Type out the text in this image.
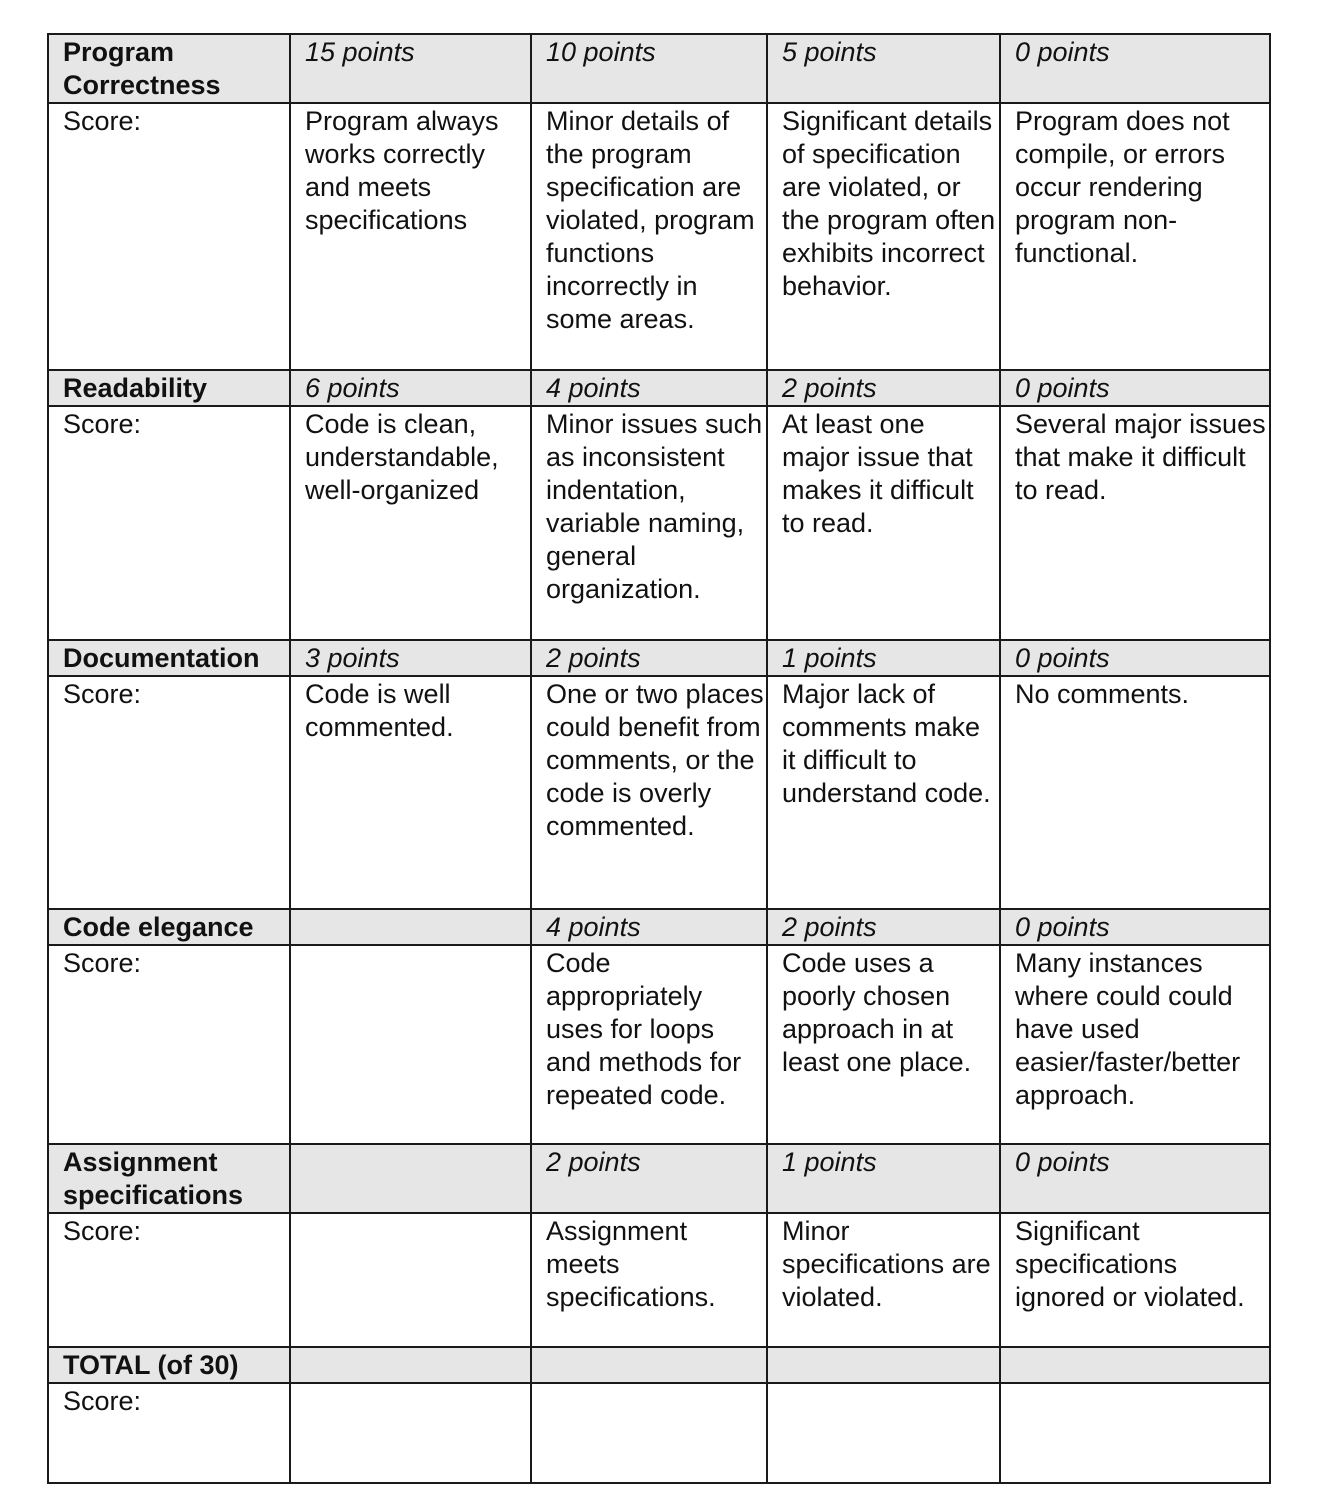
Program Correctness	15 points	10 points	5 points	0 points
Score:	Program always works correctly and meets specifications	Minor details of the program specification are violated, program functions incorrectly in some areas.	Significant details of specification are violated, or the program often exhibits incorrect behavior.	Program does not compile, or errors occur rendering program non-functional.
Readability	6 points	4 points	2 points	0 points
Score:	Code is clean, understandable, well-organized	Minor issues such as inconsistent indentation, variable naming, general organization.	At least one major issue that makes it difficult to read.	Several major issues that make it difficult to read.
Documentation	3 points	2 points	1 points	0 points
Score:	Code is well commented.	One or two places could benefit from comments, or the code is overly commented.	Major lack of comments make it difficult to understand code.	No comments.
Code elegance		4 points	2 points	0 points
Score:		Code appropriately uses for loops and methods for repeated code.	Code uses a poorly chosen approach in at least one place.	Many instances where could could have used easier/faster/better approach.
Assignment specifications		2 points	1 points	0 points
Score:		Assignment meets specifications.	Minor specifications are violated.	Significant specifications ignored or violated.
TOTAL (of 30)				
Score:				
